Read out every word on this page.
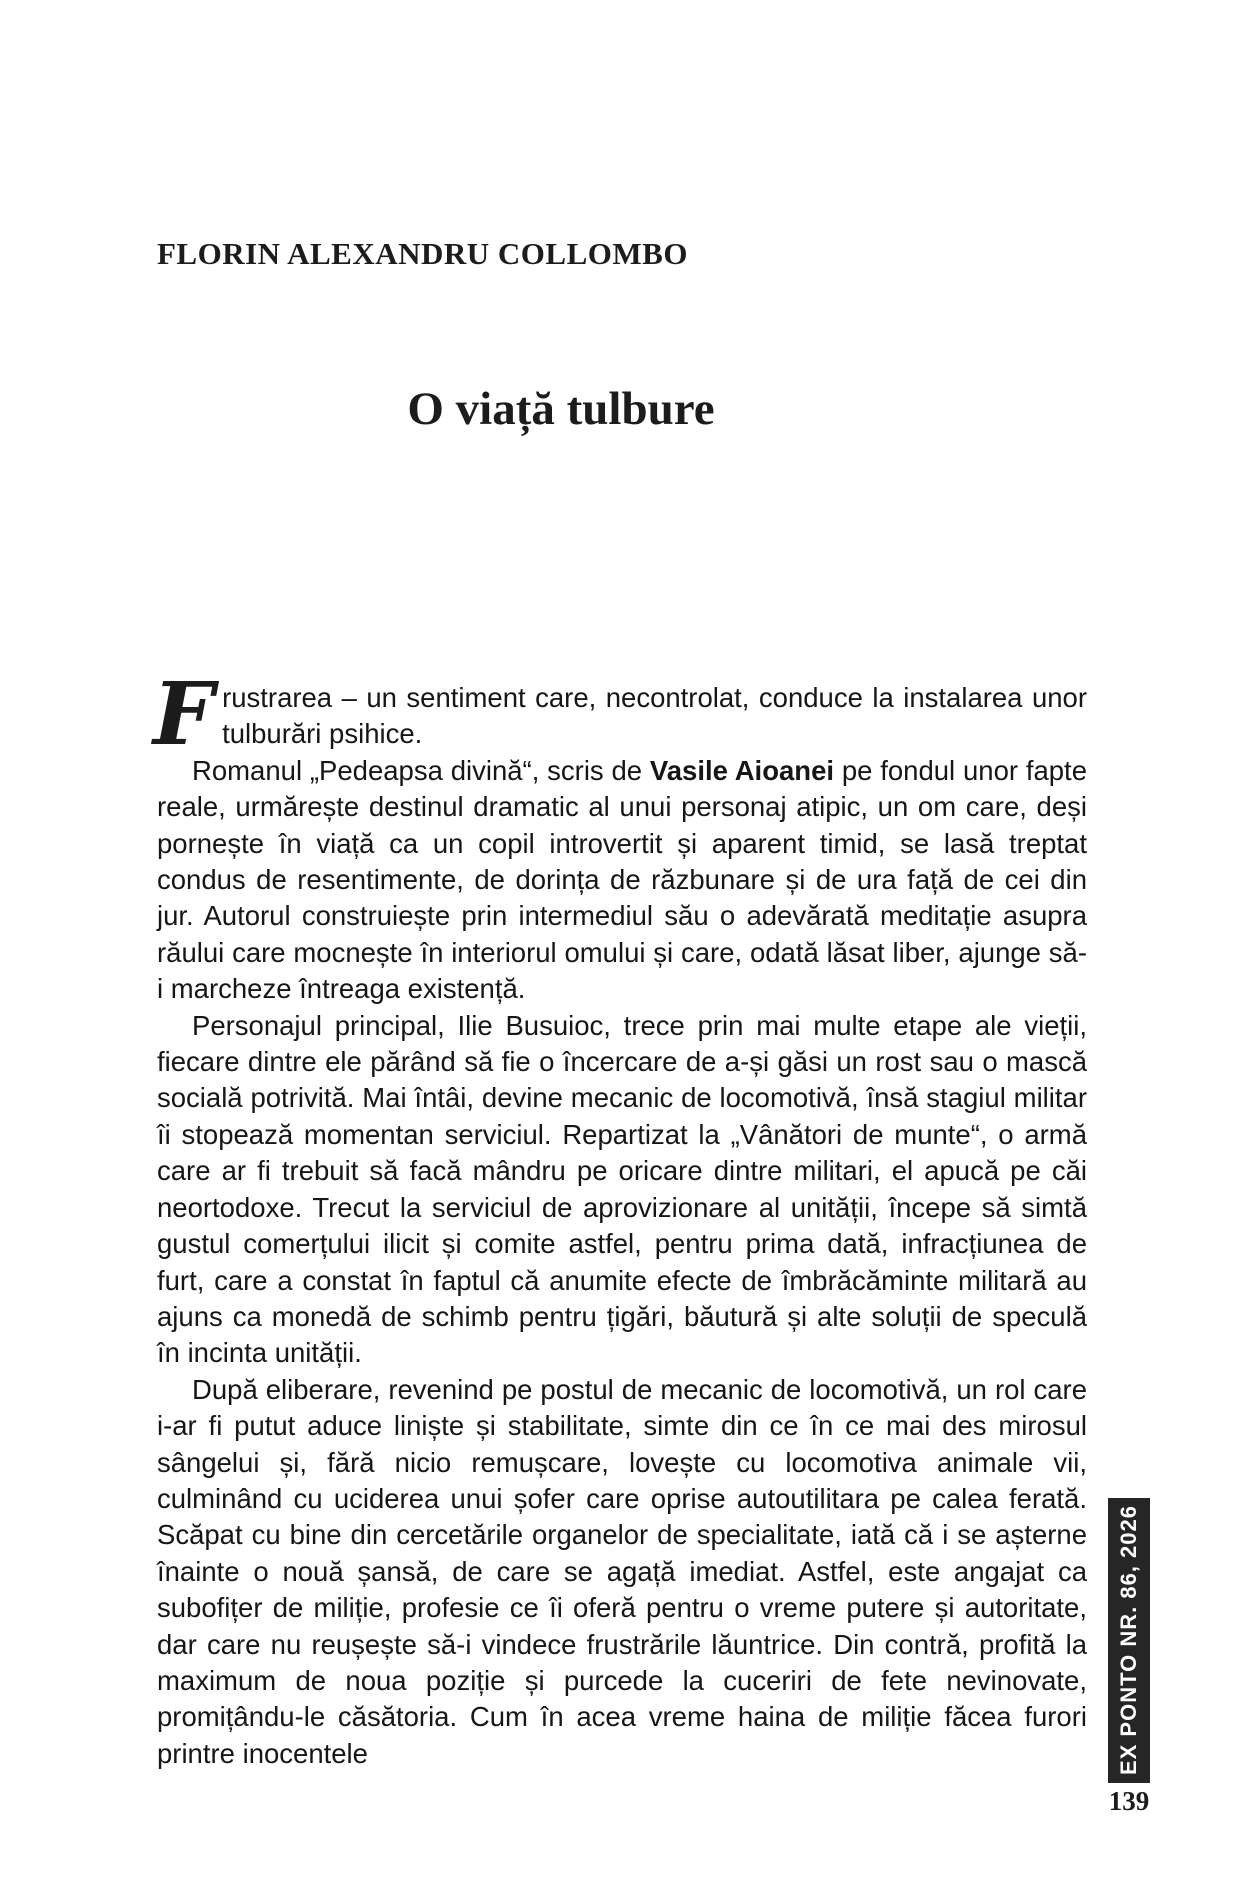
FLORIN ALEXANDRU COLLOMBO
O viață tulbure

Frustrarea – un sentiment care, necontrolat, conduce la instalarea unor tulburări psihice.

Romanul „Pedeapsa divină“, scris de Vasile Aioanei pe fondul unor fapte reale, urmărește destinul dramatic al unui personaj atipic, un om care, deși pornește în viață ca un copil introvertit și aparent timid, se lasă treptat condus de resentimente, de dorința de răzbunare și de ura față de cei din jur. Autorul construiește prin intermediul său o adevărată meditație asupra răului care mocnește în interiorul omului și care, odată lăsat liber, ajunge să-i marcheze întreaga existență.

Personajul principal, Ilie Busuioc, trece prin mai multe etape ale vieții, fiecare dintre ele părând să fie o încercare de a-și găsi un rost sau o mască socială potrivită. Mai întâi, devine mecanic de locomotivă, însă stagiul militar îi stopează momentan serviciul. Repartizat la „Vânători de munte“, o armă care ar fi trebuit să facă mândru pe oricare dintre militari, el apucă pe căi neortodoxe. Trecut la serviciul de aprovizionare al unității, începe să simtă gustul comerțului ilicit și comite astfel, pentru prima dată, infracțiunea de furt, care a constat în faptul că anumite efecte de îmbrăcăminte militară au ajuns ca monedă de schimb pentru țigări, băutură și alte soluții de speculă în incinta unității.

După eliberare, revenind pe postul de mecanic de locomotivă, un rol care i-ar fi putut aduce liniște și stabilitate, simte din ce în ce mai des mirosul sângelui și, fără nicio remușcare, lovește cu locomotiva animale vii, culminând cu uciderea unui șofer care oprise autoutilitara pe calea ferată. Scăpat cu bine din cercetările organelor de specialitate, iată că i se așterne înainte o nouă șansă, de care se agață imediat. Astfel, este angajat ca subofițer de miliție, profesie ce îi oferă pentru o vreme putere și autoritate, dar care nu reușește să-i vindece frustrările lăuntrice. Din contră, profită la maximum de noua poziție și purcede la cuceriri de fete nevinovate, promițându-le căsătoria. Cum în acea vreme haina de miliție făcea furori printre inocentele	EX PONTO NR. 86, 2026
139
